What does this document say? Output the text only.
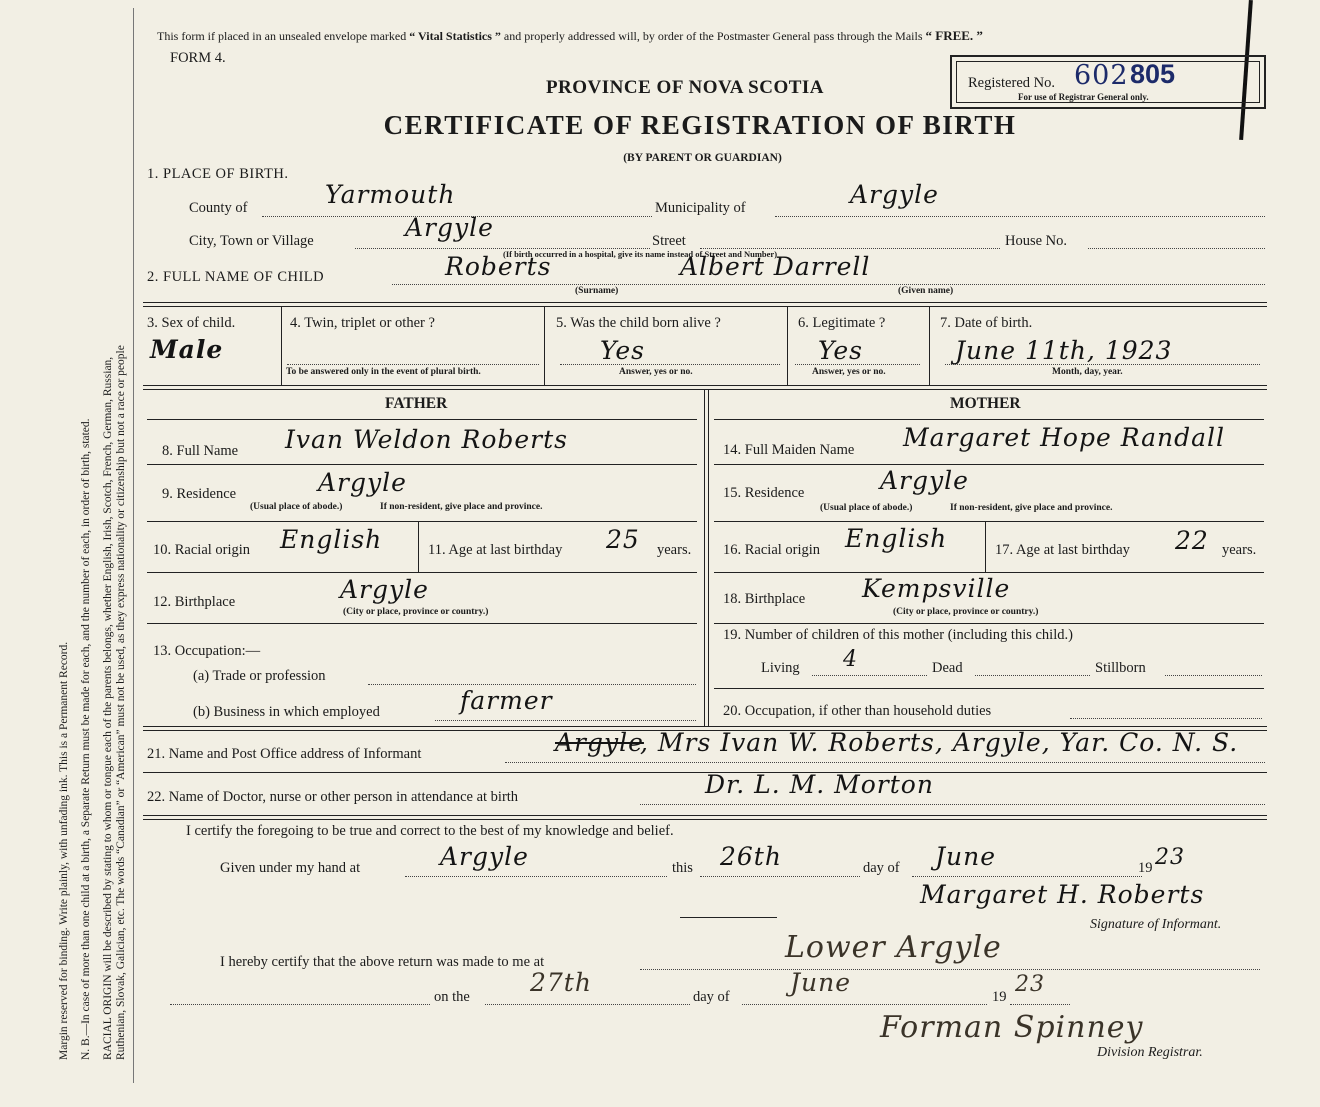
Margin reserved for binding. Write plainly, with unfading ink. This is a Permanent Record. N. B.—In case of more than one child at a birth, a Separate Return must be made for each, and the number of each, in order of birth, stated. RACIAL ORIGIN will be described by stating to whom or tongue each of the parents belongs, whether English, Irish, Scotch, French, German, Russian, Ruthenian, Slovak, Galician, etc. The words “Canadian” or “American” must not be used, as they express nationality or citizenship but not a race or people
This form if placed in an unsealed envelope marked “ Vital Statistics ” and properly addressed will, by order of the Postmaster General pass through the Mails “ FREE. ”
FORM 4.
PROVINCE OF NOVA SCOTIA
CERTIFICATE OF REGISTRATION OF BIRTH
(BY PARENT OR GUARDIAN)
Registered No. 602 805
For use of Registrar General only.
1. PLACE OF BIRTH.
County of	Yarmouth	Municipality of	Argyle
City, Town or Village	Argyle
(If birth occurred in a hospital, give its name instead of Street and Number)
Street	House No.
2. FULL NAME OF CHILD	Roberts
(Surname)
Albert Darrell
(Given name)
3. Sex of child.
Male
4. Twin, triplet or other ?
To be answered only in the event of plural birth.
5. Was the child born alive ?
Yes
Answer, yes or no.
6. Legitimate ?
Yes
Answer, yes or no.
7. Date of birth.
June 11th, 1923
Month, day, year.
FATHER
8. Full Name Ivan Weldon Roberts
9. Residence	Argyle
(Usual place of abode.)	If non-resident, give place and province.
10. Racial origin English	11. Age at last birthday 25 years.
12. Birthplace	Argyle
(City or place, province or country.)
13. Occupation:—
(a) Trade or profession
(b) Business in which employed	farmer
MOTHER
14. Full Maiden Name Margaret Hope Randall
15. Residence	Argyle
(Usual place of abode.)	If non-resident, give place and province.
16. Racial origin English	17. Age at last birthday 22 years.
18. Birthplace Kempsville
(City or place, province or country.)
19. Number of children of this mother (including this child.)
Living 4	Dead	Stillborn
20. Occupation, if other than household duties
21. Name and Post Office address of Informant	Argyle
, Mrs Ivan W. Roberts, Argyle, Yar. Co. N. S.
22. Name of Doctor, nurse or other person in attendance at birth	Dr. L. M. Morton
I certify the foregoing to be true and correct to the best of my knowledge and belief.
Given under my hand at	Argyle	this 26th	day of June	19 23
Margaret H. Roberts
Signature of Informant.
I hereby certify that the above return was made to me at	Lower Argyle
on the 27th	day of June	19 23
Forman Spinney
Division Registrar.
